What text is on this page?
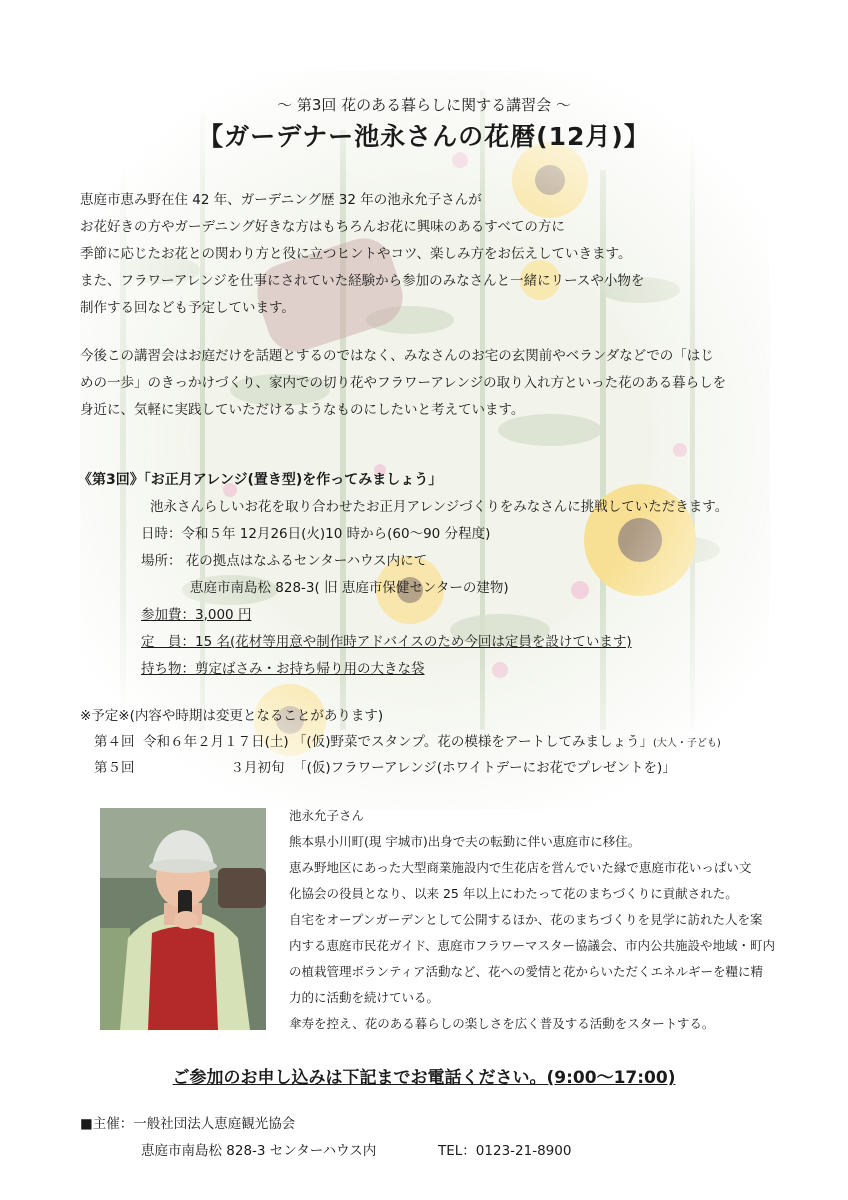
～ 第3回 花のある暮らしに関する講習会 ～
【ガーデナー池永さんの花暦(12月)】
恵庭市恵み野在住 42 年、ガーデニング歴 32 年の池永允子さんが
お花好きの方やガーデニング好きな方はもちろんお花に興味のあるすべての方に
季節に応じたお花との関わり方と役に立つヒントやコツ、楽しみ方をお伝えしていきます。
また、フラワーアレンジを仕事にされていた経験から参加のみなさんと一緒にリースや小物を
制作する回なども予定しています。
今後この講習会はお庭だけを話題とするのではなく、みなさんのお宅の玄関前やベランダなどでの「はじ
めの一歩」のきっかけづくり、家内での切り花やフラワーアレンジの取り入れ方といった花のある暮らしを
身近に、気軽に実践していただけるようなものにしたいと考えています。
《第3回》「お正月アレンジ(置き型)を作ってみましょう」
池永さんらしいお花を取り合わせたお正月アレンジづくりをみなさんに挑戦していただきます。
日時：令和５年 12月26日(火)10 時から(60～90 分程度)
場所： 花の拠点はなふるセンターハウス内にて
恵庭市南島松 828-3( 旧 恵庭市保健センターの建物)
参加費：3,000 円
定　員：15 名(花材等用意や制作時アドバイスのため今回は定員を設けています)
持ち物：剪定ばさみ・お持ち帰り用の大きな袋
※予定※(内容や時期は変更となることがあります)
第４回 令和６年２月１７日(土) 「(仮)野菜でスタンプ。花の模様をアートしてみましょう」(大人・子ども)
第５回	３月初旬 「(仮)フラワーアレンジ(ホワイトデーにお花でプレゼントを)」
池永允子さん
熊本県小川町(現 宇城市)出身で夫の転勤に伴い恵庭市に移住。
恵み野地区にあった大型商業施設内で生花店を営んでいた縁で恵庭市花いっぱい文
化協会の役員となり、以来 25 年以上にわたって花のまちづくりに貢献された。
自宅をオープンガーデンとして公開するほか、花のまちづくりを見学に訪れた人を案
内する恵庭市民花ガイド、恵庭市フラワーマスター協議会、市内公共施設や地域・町内
の植栽管理ボランティア活動など、花への愛情と花からいただくエネルギーを糧に精
力的に活動を続けている。
傘寿を控え、花のある暮らしの楽しさを広く普及する活動をスタートする。
ご参加のお申し込みは下記までお電話ください。(9:00～17:00)
■主催：一般社団法人恵庭観光協会
恵庭市南島松 828-3 センターハウス内	TEL：0123-21-8900
